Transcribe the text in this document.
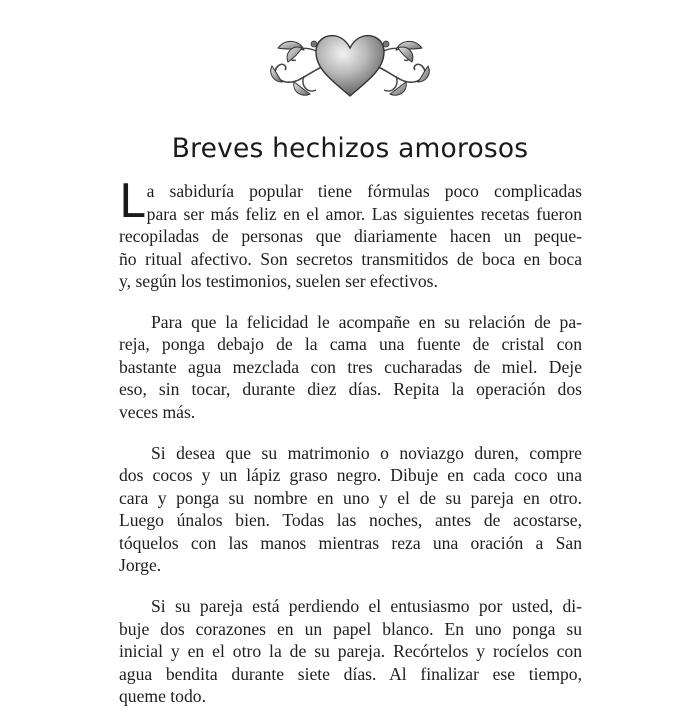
Breves hechizos amorosos
L a sabiduría popular tiene fórmulas poco complicadas
para ser más feliz en el amor. Las siguientes recetas fueron
recopiladas de personas que diariamente hacen un peque-
ño ritual afectivo. Son secretos transmitidos de boca en boca
y, según los testimonios, suelen ser efectivos.
Para que la felicidad le acompañe en su relación de pa-
reja, ponga debajo de la cama una fuente de cristal con
bastante agua mezclada con tres cucharadas de miel. Deje
eso, sin tocar, durante diez días. Repita la operación dos
veces más.
Si desea que su matrimonio o noviazgo duren, compre
dos cocos y un lápiz graso negro. Dibuje en cada coco una
cara y ponga su nombre en uno y el de su pareja en otro.
Luego únalos bien. Todas las noches, antes de acostarse,
tóquelos con las manos mientras reza una oración a San
Jorge.
Si su pareja está perdiendo el entusiasmo por usted, di-
buje dos corazones en un papel blanco. En uno ponga su
inicial y en el otro la de su pareja. Recórtelos y rocíelos con
agua bendita durante siete días. Al finalizar ese tiempo,
queme todo.
